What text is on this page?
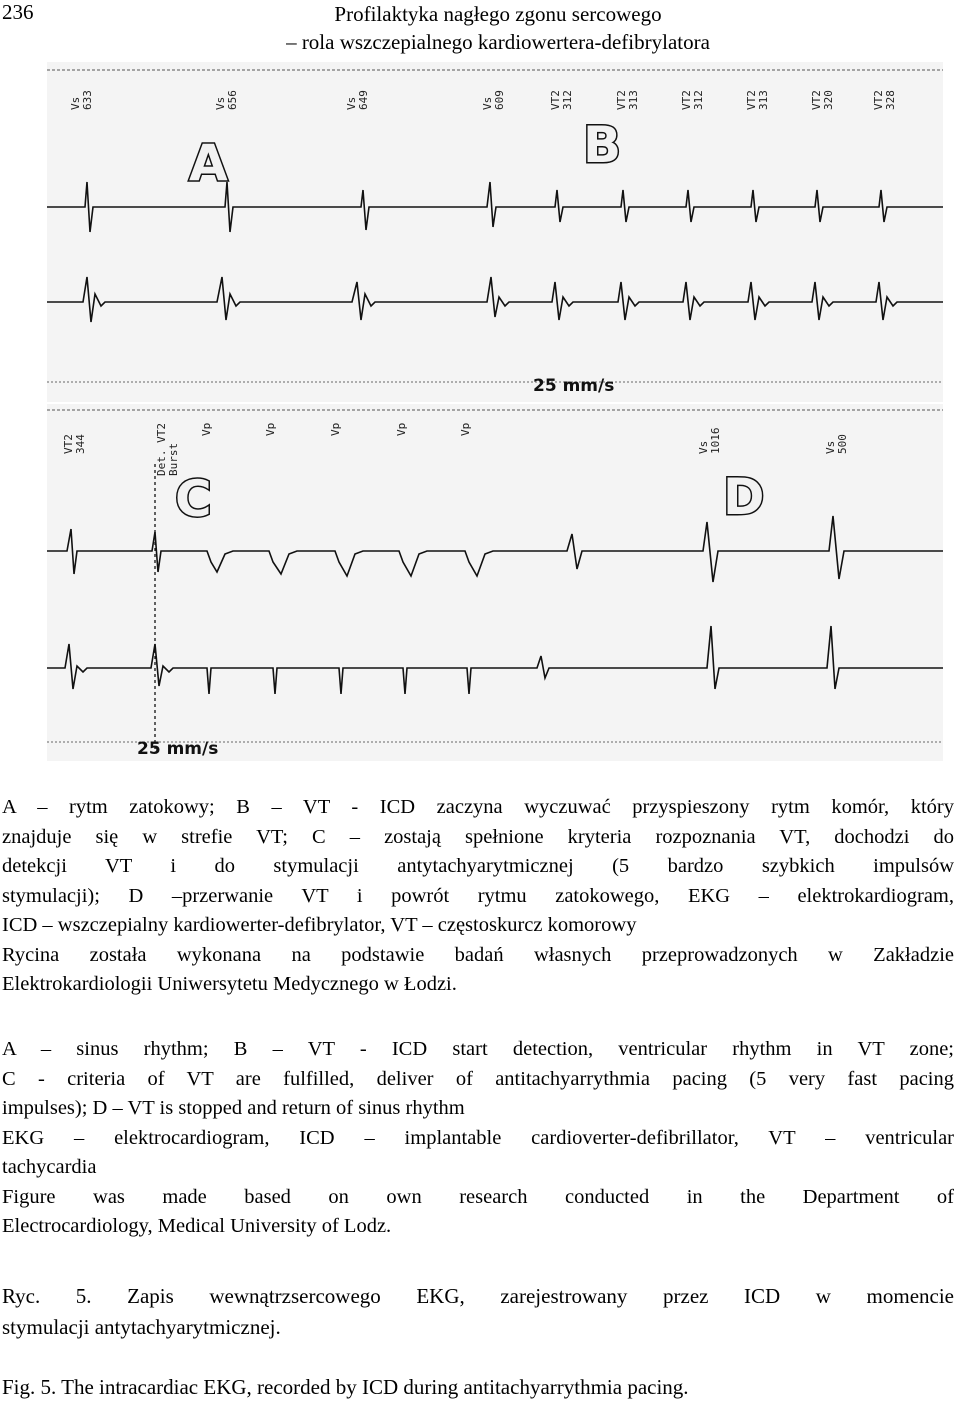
236	Profilaktyka nagłego zgonu sercowego
– rola wszczepialnego kardiowertera-defibrylatora
Vs 633	Vs 656	Vs 649	Vs 609	VT2 312	VT2 313	VT2 312	VT2 313	VT2 320	VT2 328
A	B
25 mm/s
VT2 344	Det. VT2 Burst
Vp	Vp	Vp	Vp	Vp
Vs 1016	Vs 500
C	D
25 mm/s

A – rytm zatokowy; B – VT - ICD zaczyna wyczuwać przyspieszony rytm komór, który

znajduje się w strefie VT; C – zostają spełnione kryteria rozpoznania VT, dochodzi do

detekcji VT i do stymulacji antytachyarytmicznej (5 bardzo szybkich impulsów

stymulacji); D –przerwanie VT i powrót rytmu zatokowego, EKG – elektrokardiogram,

ICD – wszczepialny kardiowerter-defibrylator, VT – częstoskurcz komorowy

Rycina została wykonana na podstawie badań własnych przeprowadzonych w Zakładzie

Elektrokardiologii Uniwersytetu Medycznego w Łodzi.

A – sinus rhythm; B – VT - ICD start detection, ventricular rhythm in VT zone;

C - criteria of VT are fulfilled, deliver of antitachyarrythmia pacing (5 very fast pacing

impulses); D – VT is stopped and return of sinus rhythm

EKG – elektrocardiogram, ICD – implantable cardioverter-defibrillator, VT – ventricular

tachycardia

Figure was made based on own research conducted in the Department of

Electrocardiology, Medical University of Lodz.

Ryc. 5. Zapis wewnątrzsercowego EKG, zarejestrowany przez ICD w momencie
stymulacji antytachyarytmicznej.
Fig. 5. The intracardiac EKG, recorded by ICD during antitachyarrythmia pacing.
